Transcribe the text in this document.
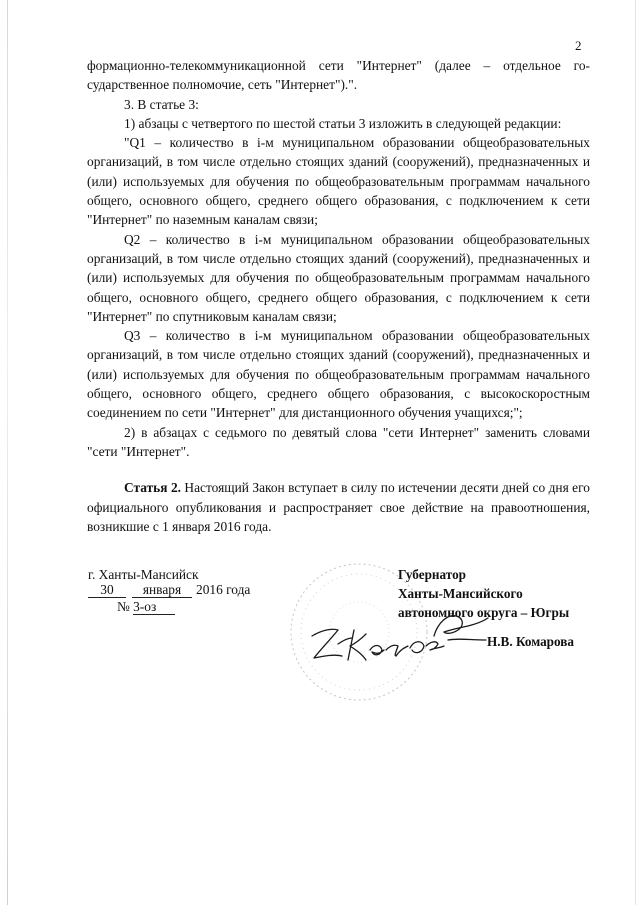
2

формационно-телекоммуникационной сети "Интернет" (далее – отдельное го-сударственное полномочие, сеть "Интернет").".

3. В статье 3:

1) абзацы с четвертого по шестой статьи 3 изложить в следующей редакции:

"Q1 – количество в i-м муниципальном образовании общеобразовательных организаций, в том числе отдельно стоящих зданий (сооружений), предназначенных и (или) используемых для обучения по общеобразовательным программам начального общего, основного общего, среднего общего образования, с подключением к сети "Интернет" по наземным каналам связи;

Q2 – количество в i-м муниципальном образовании общеобразовательных организаций, в том числе отдельно стоящих зданий (сооружений), предназначенных и (или) используемых для обучения по общеобразовательным программам начального общего, основного общего, среднего общего образования, с подключением к сети "Интернет" по спутниковым каналам связи;

Q3 – количество в i-м муниципальном образовании общеобразовательных организаций, в том числе отдельно стоящих зданий (сооружений), предназначенных и (или) используемых для обучения по общеобразовательным программам начального общего, основного общего, среднего общего образования, с высокоскоростным соединением по сети "Интернет" для дистанционного обучения учащихся;";

2) в абзацах с седьмого по девятый слова "сети Интернет" заменить словами "сети "Интернет".

Статья 2. Настоящий Закон вступает в силу по истечении десяти дней со дня его официального опубликования и распространяет свое действие на правоотношения, возникшие с 1 января 2016 года.

г. Ханты-Мансийск
30 января 2016 года
№ 3-оз
Губернатор
Ханты-Мансийского
автономного округа – Югры
Н.В. Комарова
